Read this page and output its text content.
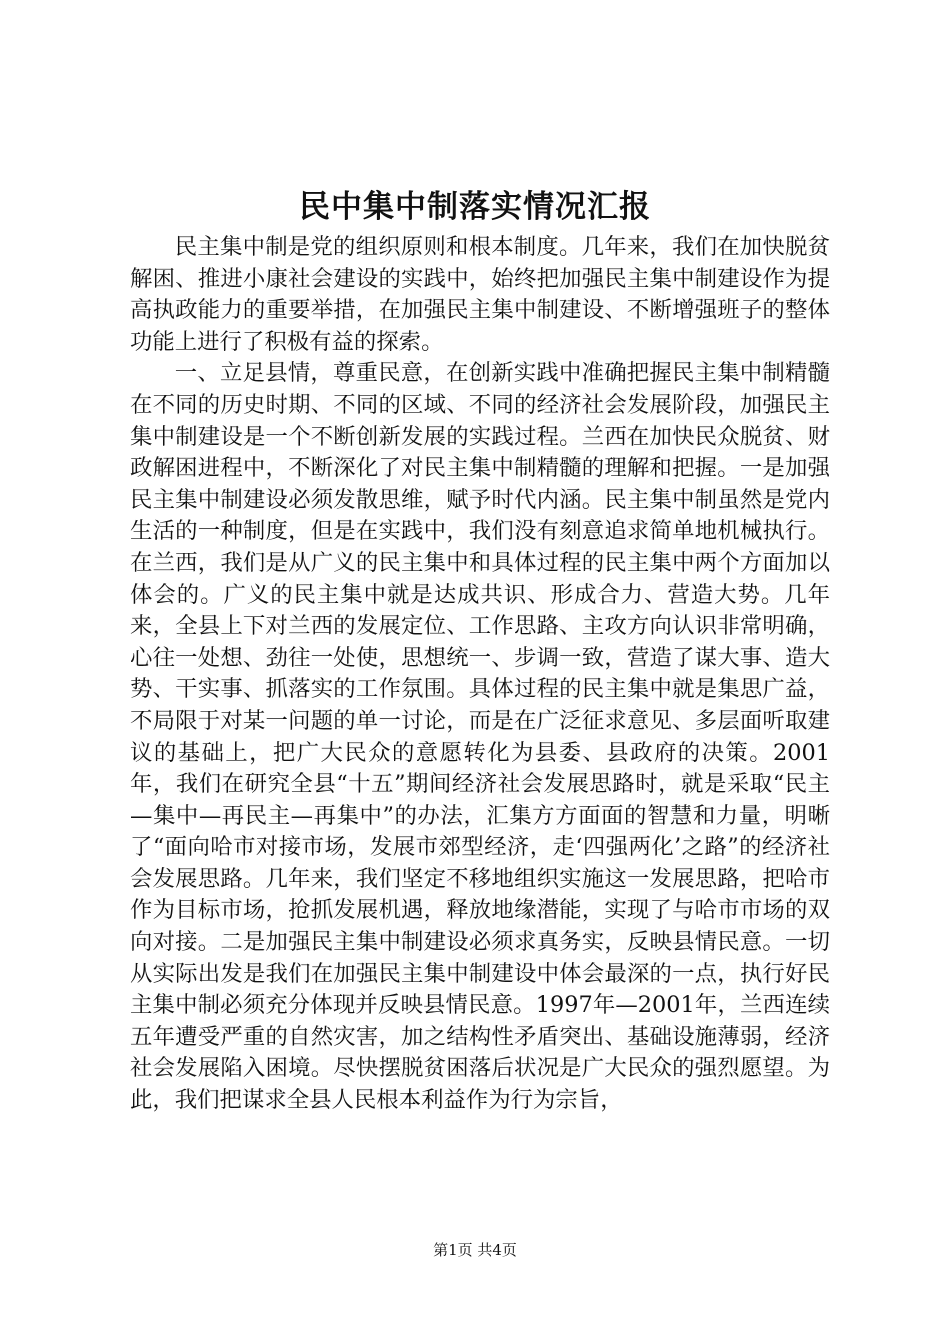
民中集中制落实情况汇报

民主集中制是党的组织原则和根本制度。几年来，我们在加快脱贫解困、推进小康社会建设的实践中，始终把加强民主集中制建设作为提高执政能力的重要举措，在加强民主集中制建设、不断增强班子的整体功能上进行了积极有益的探索。

一、立足县情，尊重民意，在创新实践中准确把握民主集中制精髓在不同的历史时期、不同的区域、不同的经济社会发展阶段，加强民主集中制建设是一个不断创新发展的实践过程。兰西在加快民众脱贫、财政解困进程中，不断深化了对民主集中制精髓的理解和把握。一是加强民主集中制建设必须发散思维，赋予时代内涵。民主集中制虽然是党内生活的一种制度，但是在实践中，我们没有刻意追求简单地机械执行。在兰西，我们是从广义的民主集中和具体过程的民主集中两个方面加以体会的。广义的民主集中就是达成共识、形成合力、营造大势。几年来，全县上下对兰西的发展定位、工作思路、主攻方向认识非常明确，心往一处想、劲往一处使，思想统一、步调一致，营造了谋大事、造大势、干实事、抓落实的工作氛围。具体过程的民主集中就是集思广益，不局限于对某一问题的单一讨论，而是在广泛征求意见、多层面听取建议的基础上，把广大民众的意愿转化为县委、县政府的决策。2001年，我们在研究全县“十五”期间经济社会发展思路时，就是采取“民主—集中—再民主—再集中”的办法，汇集方方面面的智慧和力量，明晰了“面向哈市对接市场，发展市郊型经济，走‘四强两化’之路”的经济社会发展思路。几年来，我们坚定不移地组织实施这一发展思路，把哈市作为目标市场，抢抓发展机遇，释放地缘潜能，实现了与哈市市场的双向对接。二是加强民主集中制建设必须求真务实，反映县情民意。一切从实际出发是我们在加强民主集中制建设中体会最深的一点，执行好民主集中制必须充分体现并反映县情民意。1997年—2001年，兰西连续五年遭受严重的自然灾害，加之结构性矛盾突出、基础设施薄弱，经济社会发展陷入困境。尽快摆脱贫困落后状况是广大民众的强烈愿望。为此，我们把谋求全县人民根本利益作为行为宗旨，

第1页 共4页
